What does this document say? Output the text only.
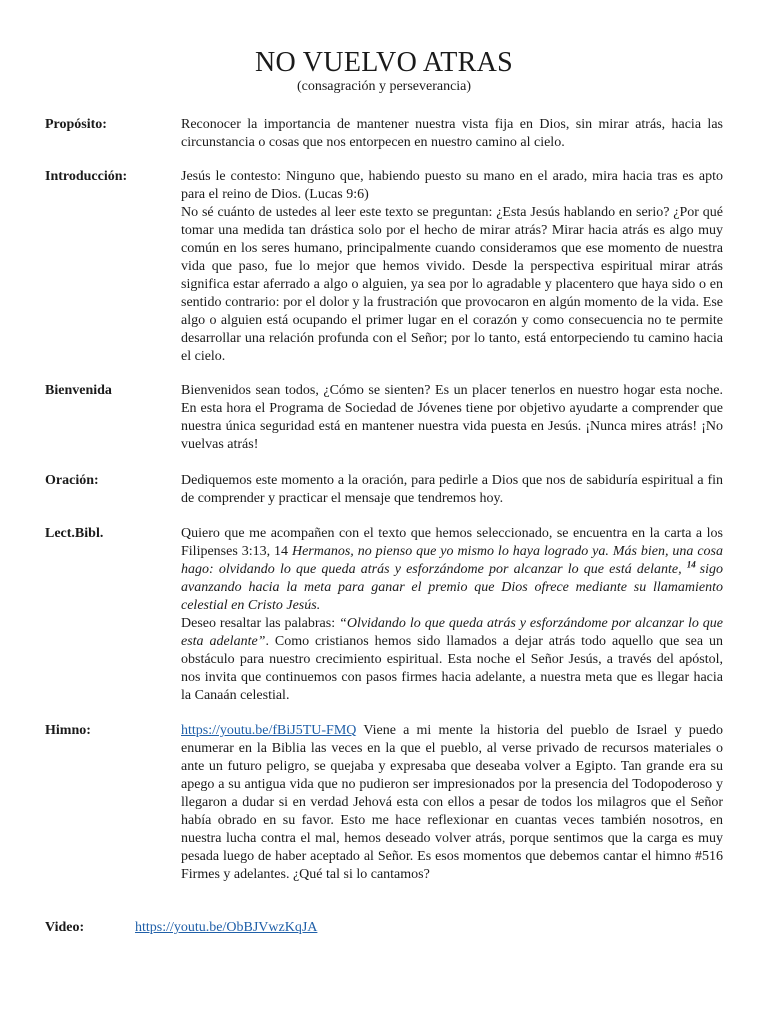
NO VUELVO ATRAS

(consagración y perseverancia)

Propósito:	Reconocer la importancia de mantener nuestra vista fija en Dios, sin mirar atrás, hacia las circunstancia o cosas que nos entorpecen en nuestro camino al cielo.

Introducción:	Jesús le contesto: Ninguno que, habiendo puesto su mano en el arado, mira hacia tras es apto para el reino de Dios. (Lucas 9:6)

No sé cuánto de ustedes al leer este texto se preguntan: ¿Esta Jesús hablando en serio? ¿Por qué tomar una medida tan drástica solo por el hecho de mirar atrás? Mirar hacia atrás es algo muy común en los seres humano, principalmente cuando consideramos que ese momento de nuestra vida que paso, fue lo mejor que hemos vivido. Desde la perspectiva espiritual mirar atrás significa estar aferrado a algo o alguien, ya sea por lo agradable y placentero que haya sido o en sentido contrario: por el dolor y la frustración que provocaron en algún momento de la vida. Ese algo o alguien está ocupando el primer lugar en el corazón y como consecuencia no te permite desarrollar una relación profunda con el Señor; por lo tanto, está entorpeciendo tu camino hacia el cielo.

Bienvenida	Bienvenidos sean todos, ¿Cómo se sienten? Es un placer tenerlos en nuestro hogar esta noche. En esta hora el Programa de Sociedad de Jóvenes tiene por objetivo ayudarte a comprender que nuestra única seguridad está en mantener nuestra vida puesta en Jesús. ¡Nunca mires atrás! ¡No vuelvas atrás!

Oración:	Dediquemos este momento a la oración, para pedirle a Dios que nos de sabiduría espiritual a fin de comprender y practicar el mensaje que tendremos hoy.

Lect.Bibl.	Quiero que me acompañen con el texto que hemos seleccionado, se encuentra en la carta a los Filipenses 3:13, 14 Hermanos, no pienso que yo mismo lo haya logrado ya. Más bien, una cosa hago: olvidando lo que queda atrás y esforzándome por alcanzar lo que está delante, $^{14}$ sigo avanzando hacia la meta para ganar el premio que Dios ofrece mediante su llamamiento celestial en Cristo Jesús.

Deseo resaltar las palabras: “Olvidando lo que queda atrás y esforzándome por alcanzar lo que esta adelante”. Como cristianos hemos sido llamados a dejar atrás todo aquello que sea un obstáculo para nuestro crecimiento espiritual. Esta noche el Señor Jesús, a través del apóstol, nos invita que continuemos con pasos firmes hacia adelante, a nuestra meta que es llegar hacia la Canaán celestial.

Himno:	https://youtu.be/fBiJ5TU-FMQ Viene a mi mente la historia del pueblo de Israel y puedo enumerar en la Biblia las veces en la que el pueblo, al verse privado de recursos materiales o ante un futuro peligro, se quejaba y expresaba que deseaba volver a Egipto. Tan grande era su apego a su antigua vida que no pudieron ser impresionados por la presencia del Todopoderoso y llegaron a dudar si en verdad Jehová esta con ellos a pesar de todos los milagros que el Señor había obrado en su favor. Esto me hace reflexionar en cuantas veces también nosotros, en nuestra lucha contra el mal, hemos deseado volver atrás, porque sentimos que la carga es muy pesada luego de haber aceptado al Señor. Es esos momentos que debemos cantar el himno #516 Firmes y adelantes. ¿Qué tal si lo cantamos?

Video:	https://youtu.be/ObBJVwzKqJA
